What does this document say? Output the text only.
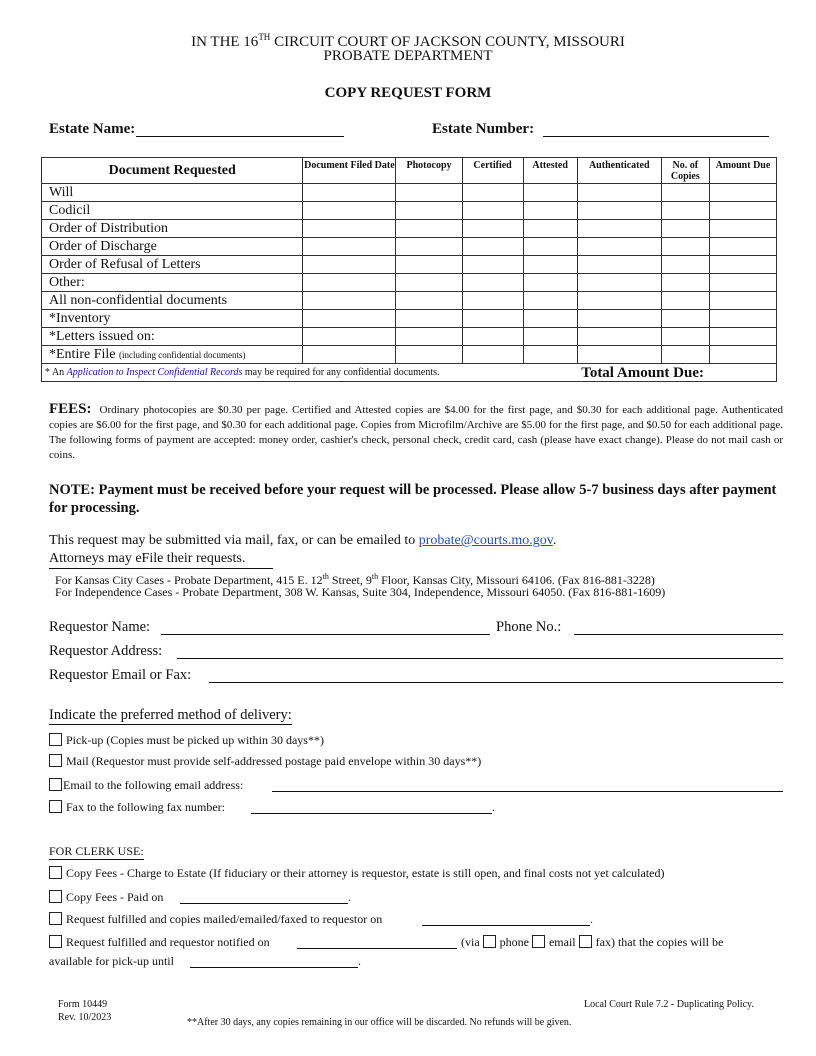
IN THE 16TH CIRCUIT COURT OF JACKSON COUNTY, MISSOURI
PROBATE DEPARTMENT
COPY REQUEST FORM
Estate Name:	Estate Number:
Document Requested	Document Filed Date	Photocopy	Certified	Attested	Authenticated	No. of Copies	Amount Due
Will							
Codicil							
Order of Distribution							
Order of Discharge							
Order of Refusal of Letters							
Other:							
All non-confidential documents							
*Inventory							
*Letters issued on:							
*Entire File (including confidential documents)							

* An Application to Inspect Confidential Records may be required for any confidential documents.					Total Amount Due:		
FEES: Ordinary photocopies are $0.30 per page. Certified and Attested copies are $4.00 for the first page, and $0.30 for each additional page. Authenticated copies are $6.00 for the first page, and $0.30 for each additional page. Copies from Microfilm/Archive are $5.00 for the first page, and $0.50 for each additional page. The following forms of payment are accepted: money order, cashier's check, personal check, credit card, cash (please have exact change). Please do not mail cash or coins.
NOTE: Payment must be received before your request will be processed. Please allow 5-7 business days after payment for processing.
This request may be submitted via mail, fax, or can be emailed to probate@courts.mo.gov.
Attorneys may eFile their requests.
For Kansas City Cases - Probate Department, 415 E. 12th Street, 9th Floor, Kansas City, Missouri 64106. (Fax 816-881-3228)
For Independence Cases - Probate Department, 308 W. Kansas, Suite 304, Independence, Missouri 64050. (Fax 816-881-1609)
Requestor Name:	Phone No.:
Requestor Address:
Requestor Email or Fax:
Indicate the preferred method of delivery:
Pick-up (Copies must be picked up within 30 days**)
Mail (Requestor must provide self-addressed postage paid envelope within 30 days**)
Email to the following email address:
Fax to the following fax number:	.
FOR CLERK USE:
Copy Fees - Charge to Estate (If fiduciary or their attorney is requestor, estate is still open, and final costs not yet calculated)
Copy Fees - Paid on	.
Request fulfilled and copies mailed/emailed/faxed to requestor on	.
Request fulfilled and requestor notified on	(via phone email fax) that the copies will be
available for pick-up until	.
Form 10449
Rev. 10/2023
Local Court Rule 7.2 - Duplicating Policy.
**After 30 days, any copies remaining in our office will be discarded. No refunds will be given.
